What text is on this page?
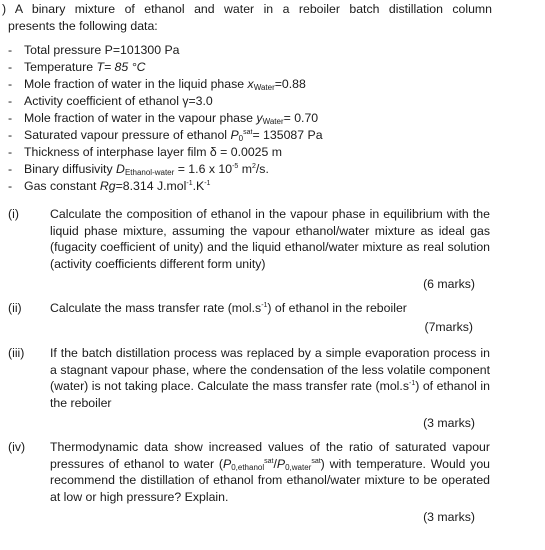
) A binary mixture of ethanol and water in a reboiler batch distillation column
presents the following data:
- Total pressure P=101300 Pa
- Temperature T= 85 °C
- Mole fraction of water in the liquid phase $x_{Water}=0.88$
- Activity coefficient of ethanol γ=3.0
- Mole fraction of water in the vapour phase $y_{Water}= 0.70$
- Saturated vapour pressure of ethanol $P_0^{sat}= 135087$ Pa
- Thickness of interphase layer film δ = 0.0025 m
- Binary diffusivity $D_{Ethanol-water} = 1.6$ x $10^{-5}$ $m^2/s$.
- Gas constant Rg=8.314 $J.mol^{-1}.K^{-1}$
(i)	Calculate the composition of ethanol in the vapour phase in equilibrium with the liquid phase mixture, assuming the vapour ethanol/water mixture as ideal gas (fugacity coefficient of unity) and the liquid ethanol/water mixture as real solution (activity coefficients different form unity)
(6 marks)
(ii) Calculate the mass transfer rate $(mol.s^{-1})$ of ethanol in the reboiler
(7marks)
(iii) If the batch distillation process was replaced by a simple evaporation process in a stagnant vapour phase, where the condensation of the less volatile component (water) is not taking place. Calculate the mass transfer rate $(mol.s^{-1})$ of ethanol in the reboiler
(3 marks)
(iv) Thermodynamic data show increased values of the ratio of saturated vapour pressures of ethanol to water $(P_{0,ethanol}^{sat}/P_{0,water}^{sat})$ with temperature. Would you recommend the distillation of ethanol from ethanol/water mixture to be operated at low or high pressure? Explain.
(3 marks)
